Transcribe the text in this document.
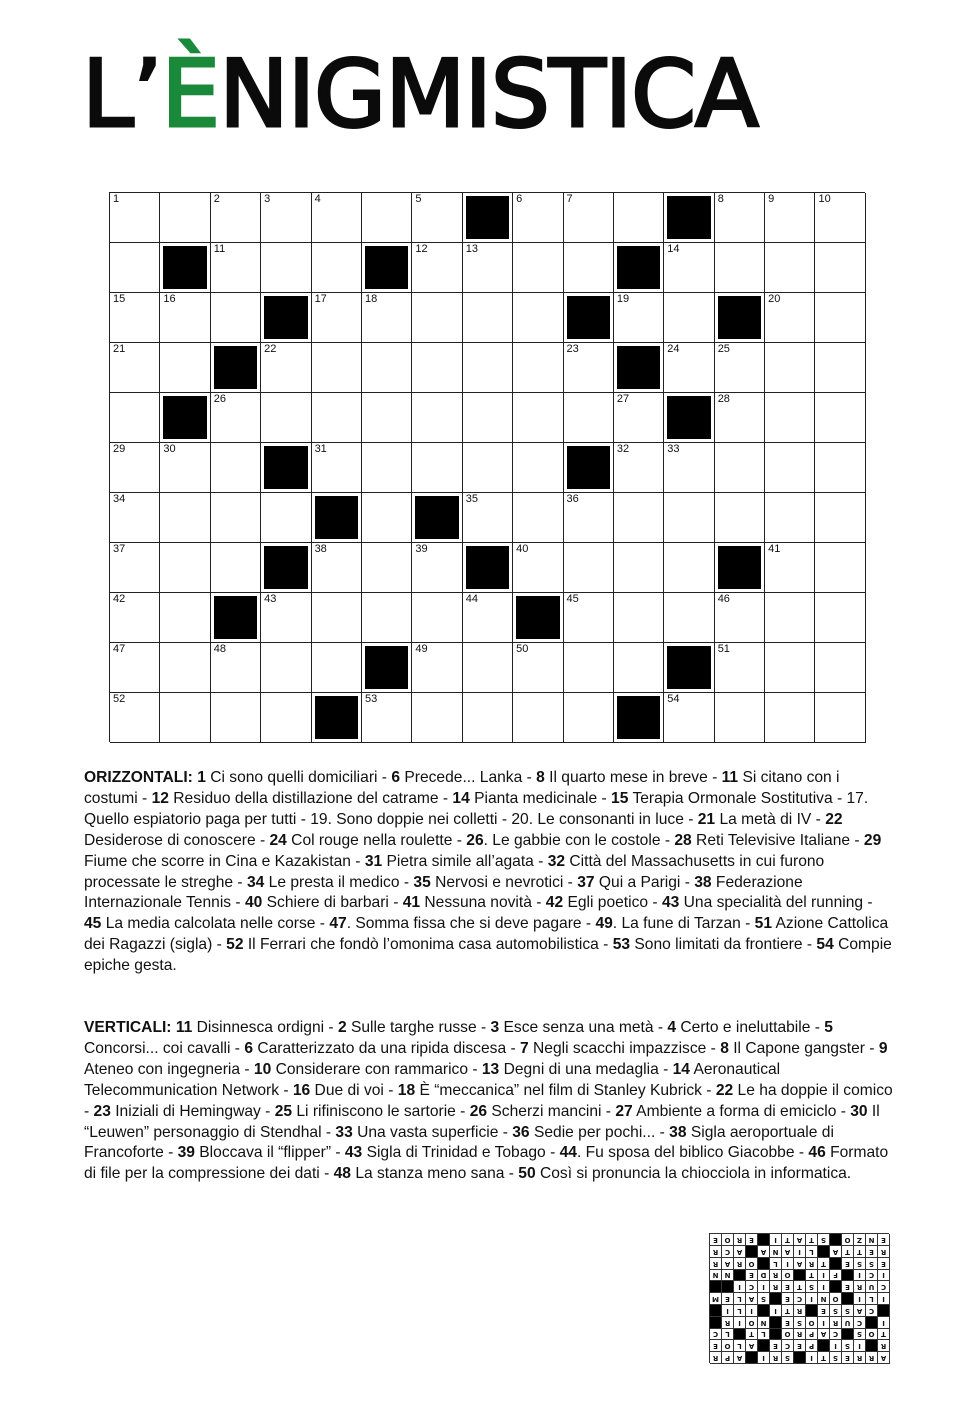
L’ÈNIGMISTICA
1	2	3	4	5	6	7	8	9	10
11	12	13	14
15	16	17	18	19	20
21	22	23	24	25
26	27	28
29	30	31	32	33
34	35	36
37	38	39	40	41
42	43	44	45	46
47	48	49	50	51
52	53	54
ORIZZONTALI: 1 Ci sono quelli domiciliari - 6 Precede... Lanka - 8 Il quarto mese in breve - 11 Si citano con i costumi - 12 Residuo della distillazione del catrame - 14 Pianta medicinale - 15 Terapia Ormonale Sostitutiva - 17. Quello espiatorio paga per tutti - 19. Sono doppie nei colletti - 20. Le consonanti in luce - 21 La metà di IV - 22 Desiderose di conoscere - 24 Col rouge nella roulette - 26. Le gabbie con le costole - 28 Reti Televisive Italiane - 29 Fiume che scorre in Cina e Kazakistan - 31 Pietra simile all’agata - 32 Città del Massachusetts in cui furono processate le streghe - 34 Le presta il medico - 35 Nervosi e nevrotici - 37 Qui a Parigi - 38 Federazione Internazionale Tennis - 40 Schiere di barbari - 41 Nessuna novità - 42 Egli poetico - 43 Una specialità del running - 45 La media calcolata nelle corse - 47. Somma fissa che si deve pagare - 49. La fune di Tarzan - 51 Azione Cattolica dei Ragazzi (sigla) - 52 Il Ferrari che fondò l’omonima casa automobilistica - 53 Sono limitati da frontiere - 54 Compie epiche gesta.
VERTICALI: 11 Disinnesca ordigni - 2 Sulle targhe russe - 3 Esce senza una metà - 4 Certo e ineluttabile - 5 Concorsi... coi cavalli - 6 Caratterizzato da una ripida discesa - 7 Negli scacchi impazzisce - 8 Il Capone gangster - 9 Ateneo con ingegneria - 10 Considerare con rammarico - 13 Degni di una medaglia - 14 Aeronautical Telecommunication Network - 16 Due di voi - 18 È “meccanica” nel film di Stanley Kubrick - 22 Le ha doppie il comico - 23 Iniziali di Hemingway - 25 Li rifiniscono le sartorie - 26 Scherzi mancini - 27 Ambiente a forma di emiciclo - 30 Il “Leuwen” personaggio di Stendhal - 33 Una vasta superficie - 36 Sedie per pochi... - 38 Sigla aeroportuale di Francoforte - 39 Bloccava il “flipper” - 43 Sigla di Trinidad e Tobago - 44. Fu sposa del biblico Giacobbe - 46 Formato di file per la compressione dei dati - 48 La stanza meno sana - 50 Così si pronuncia la chiocciola in informatica.
A
R
R
E
S
T
I
S
R
I
A
P
R
R
I
S
I
P
E
C
E
A
L
O
E
T
O
S
C
A
P
R
O
L
T
L
C
I
C
U
R
I
O
S
E
N
O
I
R
C
A
S
S
E
R
T
I
I
L
I
I
L
I
O
N
I
C
E
S
A
L
E
M
C
U
R
E
I
S
T
E
R
I
C
I
I
C
I
F
I
T
O
R
D
E
N
N
E
S
S
E
T
R
A
I
L
O
R
A
R
R
E
T
T
A
L
I
A
N
A
A
C
R
E
N
Z
O
S
T
A
T
I
E
R
O
E
